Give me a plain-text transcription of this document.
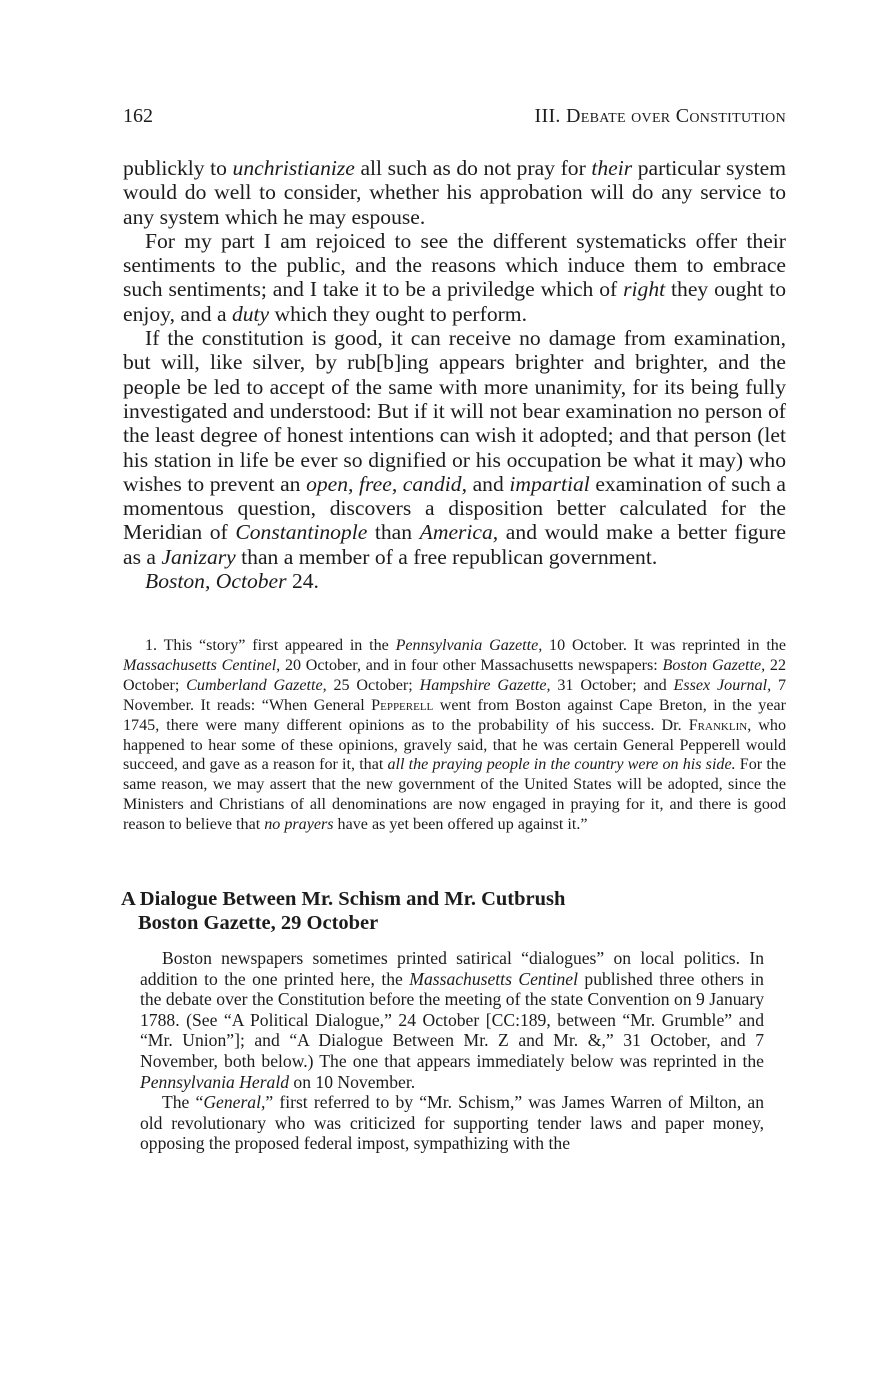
162	III. Debate over Constitution

publickly to unchristianize all such as do not pray for their particular system would do well to consider, whether his approbation will do any service to any system which he may espouse.

For my part I am rejoiced to see the different systematicks offer their sentiments to the public, and the reasons which induce them to embrace such sentiments; and I take it to be a priviledge which of right they ought to enjoy, and a duty which they ought to perform.

If the constitution is good, it can receive no damage from examination, but will, like silver, by rub[b]ing appears brighter and brighter, and the people be led to accept of the same with more unanimity, for its being fully investigated and understood: But if it will not bear examination no person of the least degree of honest intentions can wish it adopted; and that person (let his station in life be ever so dignified or his occupation be what it may) who wishes to prevent an open, free, candid, and impartial examination of such a momentous question, discovers a disposition better calculated for the Meridian of Constantinople than America, and would make a better figure as a Janizary than a member of a free republican government.

Boston, October 24.

1. This “story” first appeared in the Pennsylvania Gazette, 10 October. It was reprinted in the Massachusetts Centinel, 20 October, and in four other Massachusetts newspapers: Boston Gazette, 22 October; Cumberland Gazette, 25 October; Hampshire Gazette, 31 October; and Essex Journal, 7 November. It reads: “When General Pepperell went from Boston against Cape Breton, in the year 1745, there were many different opinions as to the probability of his success. Dr. Franklin, who happened to hear some of these opinions, gravely said, that he was certain General Pepperell would succeed, and gave as a reason for it, that all the praying people in the country were on his side. For the same reason, we may assert that the new government of the United States will be adopted, since the Ministers and Christians of all denominations are now engaged in praying for it, and there is good reason to believe that no prayers have as yet been offered up against it.”

A Dialogue Between Mr. Schism and Mr. Cutbrush
Boston Gazette, 29 October

Boston newspapers sometimes printed satirical “dialogues” on local politics. In addition to the one printed here, the Massachusetts Centinel published three others in the debate over the Constitution before the meeting of the state Convention on 9 January 1788. (See “A Political Dialogue,” 24 October [CC:189, between “Mr. Grumble” and “Mr. Union”]; and “A Dialogue Between Mr. Z and Mr. &,” 31 October, and 7 November, both below.) The one that appears immediately below was reprinted in the Pennsylvania Herald on 10 November.

The “General,” first referred to by “Mr. Schism,” was James Warren of Milton, an old revolutionary who was criticized for supporting tender laws and paper money, opposing the proposed federal impost, sympathizing with the
